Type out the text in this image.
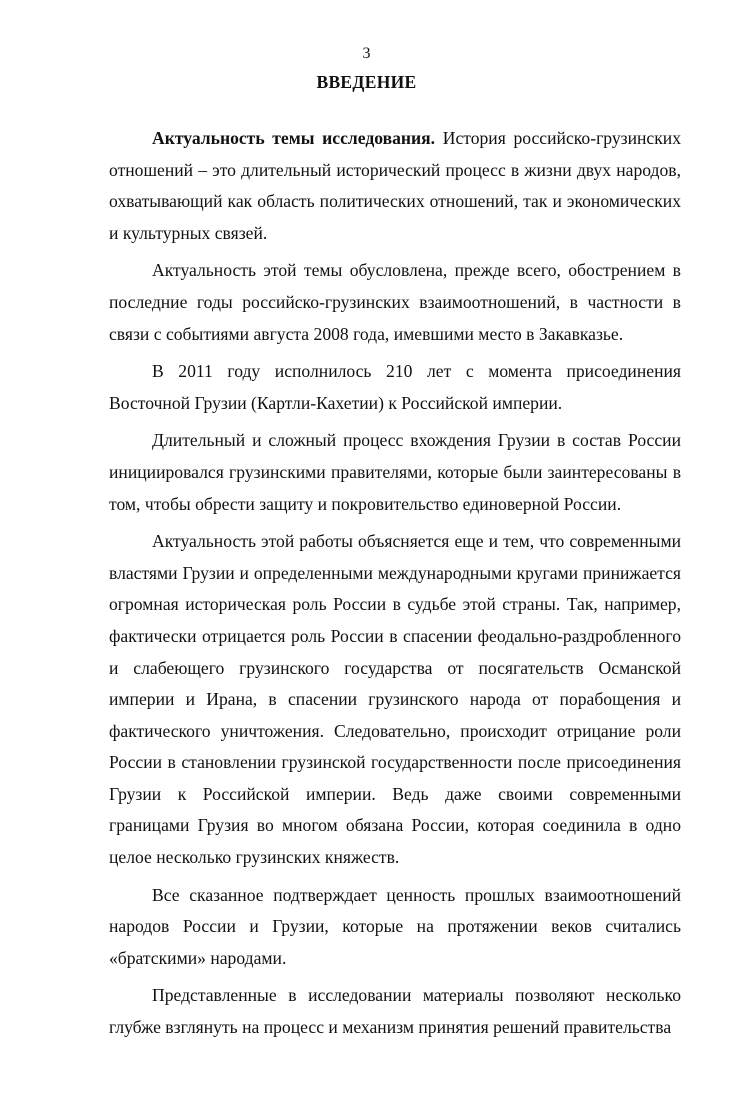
3
ВВЕДЕНИЕ

Актуальность темы исследования. История российско-грузинских отношений – это длительный исторический процесс в жизни двух народов, охватывающий как область политических отношений, так и экономических и культурных связей.

Актуальность этой темы обусловлена, прежде всего, обострением в последние годы российско-грузинских взаимоотношений, в частности в связи с событиями августа 2008 года, имевшими место в Закавказье.

В 2011 году исполнилось 210 лет с момента присоединения Восточной Грузии (Картли-Кахетии) к Российской империи.

Длительный и сложный процесс вхождения Грузии в состав России инициировался грузинскими правителями, которые были заинтересованы в том, чтобы обрести защиту и покровительство единоверной России.

Актуальность этой работы объясняется еще и тем, что современными властями Грузии и определенными международными кругами принижается огромная историческая роль России в судьбе этой страны. Так, например, фактически отрицается роль России в спасении феодально-раздробленного и слабеющего грузинского государства от посягательств Османской империи и Ирана, в спасении грузинского народа от порабощения и фактического уничтожения. Следовательно, происходит отрицание роли России в становлении грузинской государственности после присоединения Грузии к Российской империи. Ведь даже своими современными границами Грузия во многом обязана России, которая соединила в одно целое несколько грузинских княжеств.

Все сказанное подтверждает ценность прошлых взаимоотношений народов России и Грузии, которые на протяжении веков считались «братскими» народами.

Представленные в исследовании материалы позволяют несколько глубже взглянуть на процесс и механизм принятия решений правительства
